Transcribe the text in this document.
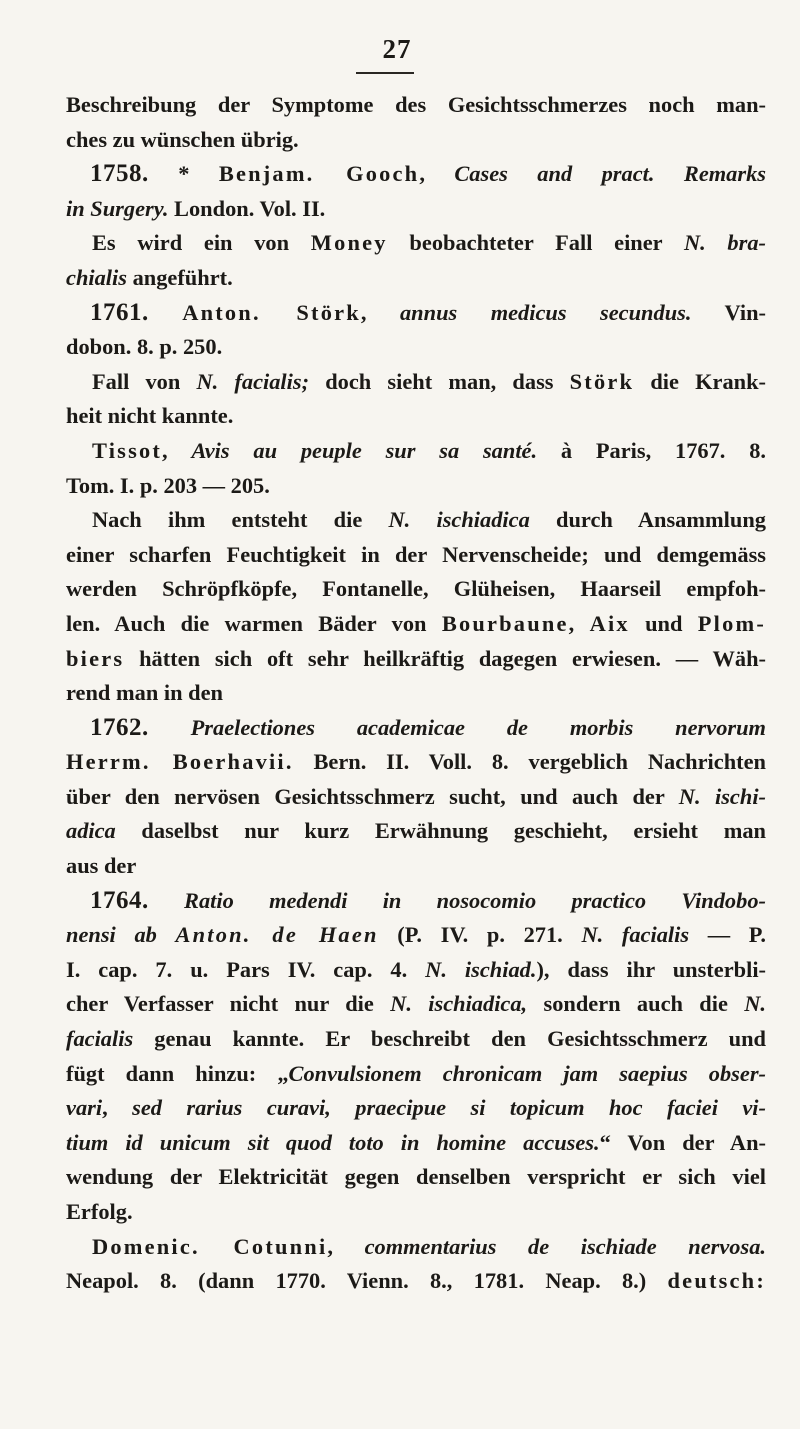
27
Beschreibung der Symptome des Gesichtsschmerzes noch man-
ches zu wünschen übrig.
1758. * Benjam. Gooch, Cases and pract. Remarks
in Surgery. London. Vol. II.
Es wird ein von Money beobachteter Fall einer N. bra-
chialis angeführt.
1761. Anton. Störk, annus medicus secundus. Vin-
dobon. 8. p. 250.
Fall von N. facialis; doch sieht man, dass Störk die Krank-
heit nicht kannte.
Tissot, Avis au peuple sur sa santé. à Paris, 1767. 8.
Tom. I. p. 203 — 205.
Nach ihm entsteht die N. ischiadica durch Ansammlung
einer scharfen Feuchtigkeit in der Nervenscheide; und demgemäss
werden Schröpfköpfe, Fontanelle, Glüheisen, Haarseil empfoh-
len. Auch die warmen Bäder von Bourbaune, Aix und Plom-
biers hätten sich oft sehr heilkräftig dagegen erwiesen. — Wäh-
rend man in den
1762. Praelectiones academicae de morbis nervorum
Herrm. Boerhavii. Bern. II. Voll. 8. vergeblich Nachrichten
über den nervösen Gesichtsschmerz sucht, und auch der N. ischi-
adica daselbst nur kurz Erwähnung geschieht, ersieht man
aus der
1764. Ratio medendi in nosocomio practico Vindobo-
nensi ab Anton. de Haen (P. IV. p. 271. N. facialis — P.
I. cap. 7. u. Pars IV. cap. 4. N. ischiad.), dass ihr unsterbli-
cher Verfasser nicht nur die N. ischiadica, sondern auch die N.
facialis genau kannte. Er beschreibt den Gesichtsschmerz und
fügt dann hinzu: „Convulsionem chronicam jam saepius obser-
vari, sed rarius curavi, praecipue si topicum hoc faciei vi-
tium id unicum sit quod toto in homine accuses.“ Von der An-
wendung der Elektricität gegen denselben verspricht er sich viel
Erfolg.
Domenic. Cotunni, commentarius de ischiade nervosa.
Neapol. 8. (dann 1770. Vienn. 8., 1781. Neap. 8.) deutsch:
